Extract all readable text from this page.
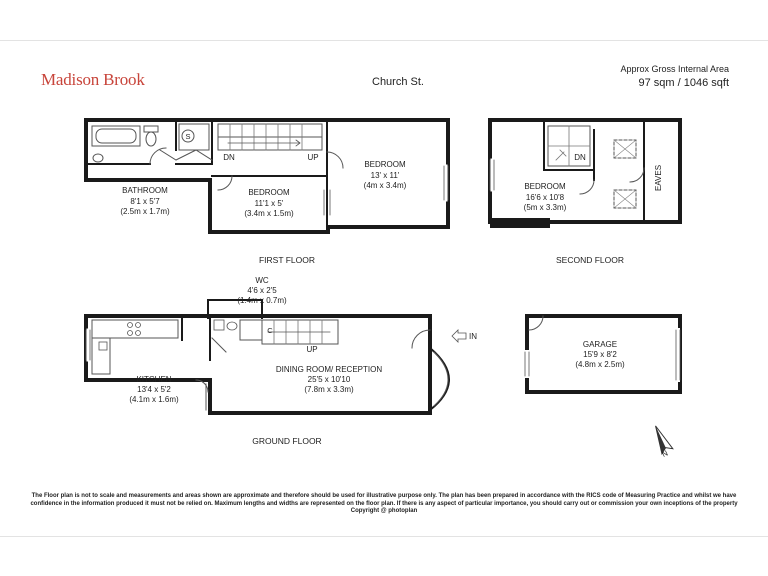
Madison Brook	Church St.
Approx Gross Internal Area
97 sqm / 1046 sqft
BATHROOM
8'1 x 5'7
(2.5m x 1.7m)
BEDROOM
11'1 x 5'
(3.4m x 1.5m)
BEDROOM
13' x 11'
(4m x 3.4m)
DN	UP
S
FIRST FLOOR
BEDROOM
16'6 x 10'8
(5m x 3.3m)
DN
EAVES
SECOND FLOOR
WC
4'6 x 2'5
(1.4m x 0.7m)
KITCHEN
13'4 x 5'2
(4.1m x 1.6m)
DINING ROOM/ RECEPTION
25'5 x 10'10
(7.8m x 3.3m)
UP
C
IN
GROUND FLOOR
GARAGE
15'9 x 8'2
(4.8m x 2.5m)
N
The Floor plan is not to scale and measurements and areas shown are approximate and therefore should be used for illustrative purpose only. The plan has been prepared in accordance with the RICS code of Measuring Practice and whilst we have confidence in the information produced it must not be relied on. Maximum lengths and widths are represented on the floor plan. If there is any aspect of particular importance, you should carry out or commission your own inceptions of the property
Copyright @ photoplan
